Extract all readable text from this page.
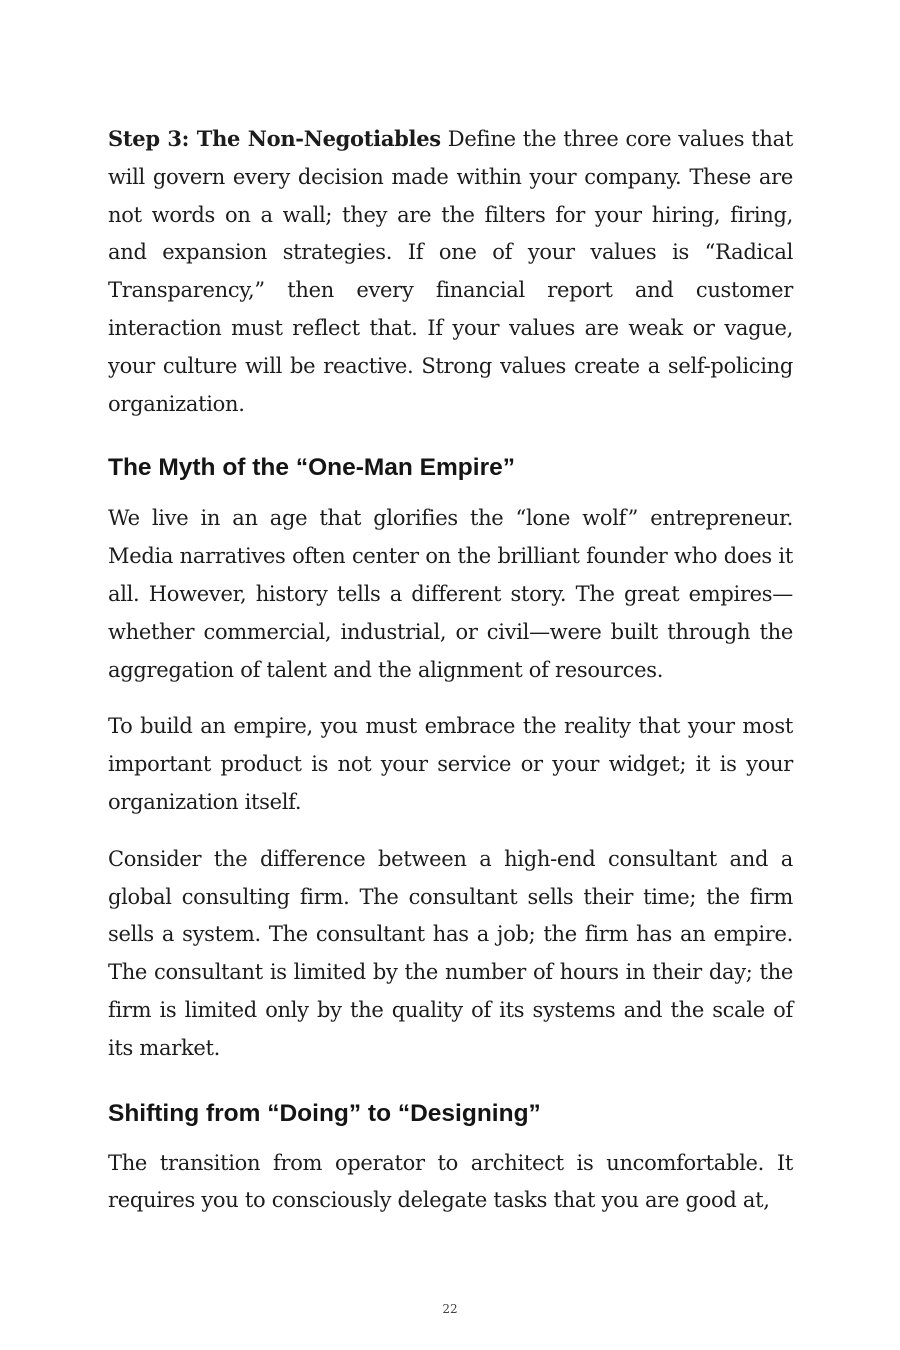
Step 3: The Non-Negotiables Define the three core values that will govern every decision made within your company. These are not words on a wall; they are the filters for your hiring, firing, and expansion strategies. If one of your values is “Radical Transparency,” then every financial report and customer interaction must reflect that. If your values are weak or vague, your culture will be reactive. Strong values create a self-policing organization.

The Myth of the “One-Man Empire”

We live in an age that glorifies the “lone wolf” entrepreneur. Media narratives often center on the brilliant founder who does it all. However, history tells a different story. The great empires—whether commercial, industrial, or civil—were built through the aggregation of talent and the alignment of resources.

To build an empire, you must embrace the reality that your most important product is not your service or your widget; it is your organization itself.

Consider the difference between a high-end consultant and a global consulting firm. The consultant sells their time; the firm sells a system. The consultant has a job; the firm has an empire. The consultant is limited by the number of hours in their day; the firm is limited only by the quality of its systems and the scale of its market.

Shifting from “Doing” to “Designing”

The transition from operator to architect is uncomfortable. It requires you to consciously delegate tasks that you are good at,

22
